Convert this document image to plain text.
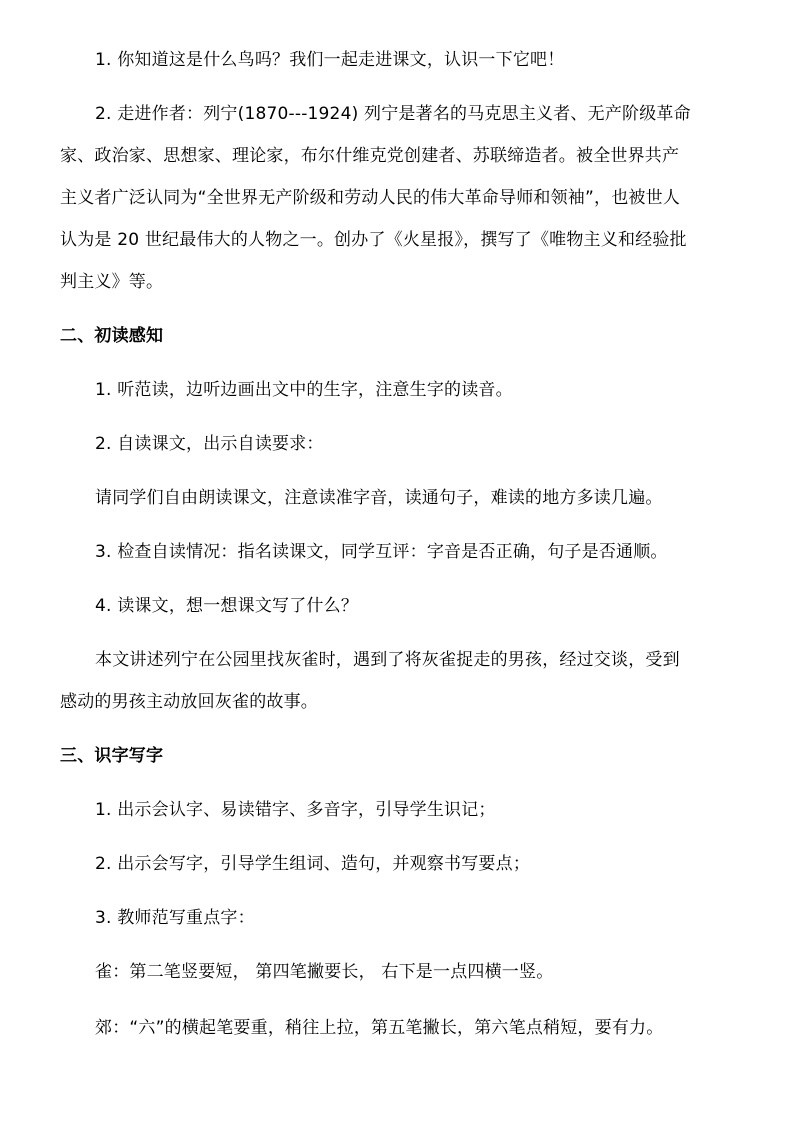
1. 你知道这是什么鸟吗？我们一起走进课文，认识一下它吧！
2. 走进作者：列宁(1870---1924) 列宁是著名的马克思主义者、无产阶级革命
家、政治家、思想家、理论家，布尔什维克党创建者、苏联缔造者。被全世界共产
主义者广泛认同为“全世界无产阶级和劳动人民的伟大革命导师和领袖”，也被世人
认为是 20 世纪最伟大的人物之一。创办了《火星报》，撰写了《唯物主义和经验批
判主义》等。
二、初读感知
1. 听范读，边听边画出文中的生字，注意生字的读音。
2. 自读课文，出示自读要求：
请同学们自由朗读课文，注意读准字音，读通句子，难读的地方多读几遍。
3. 检查自读情况：指名读课文，同学互评：字音是否正确，句子是否通顺。
4. 读课文，想一想课文写了什么？
本文讲述列宁在公园里找灰雀时，遇到了将灰雀捉走的男孩，经过交谈，受到
感动的男孩主动放回灰雀的故事。
三、识字写字
1. 出示会认字、易读错字、多音字，引导学生识记；
2. 出示会写字，引导学生组词、造句，并观察书写要点；
3. 教师范写重点字：
雀：第二笔竖要短， 第四笔撇要长， 右下是一点四横一竖。
郊：“六”的横起笔要重，稍往上拉，第五笔撇长，第六笔点稍短，要有力。
